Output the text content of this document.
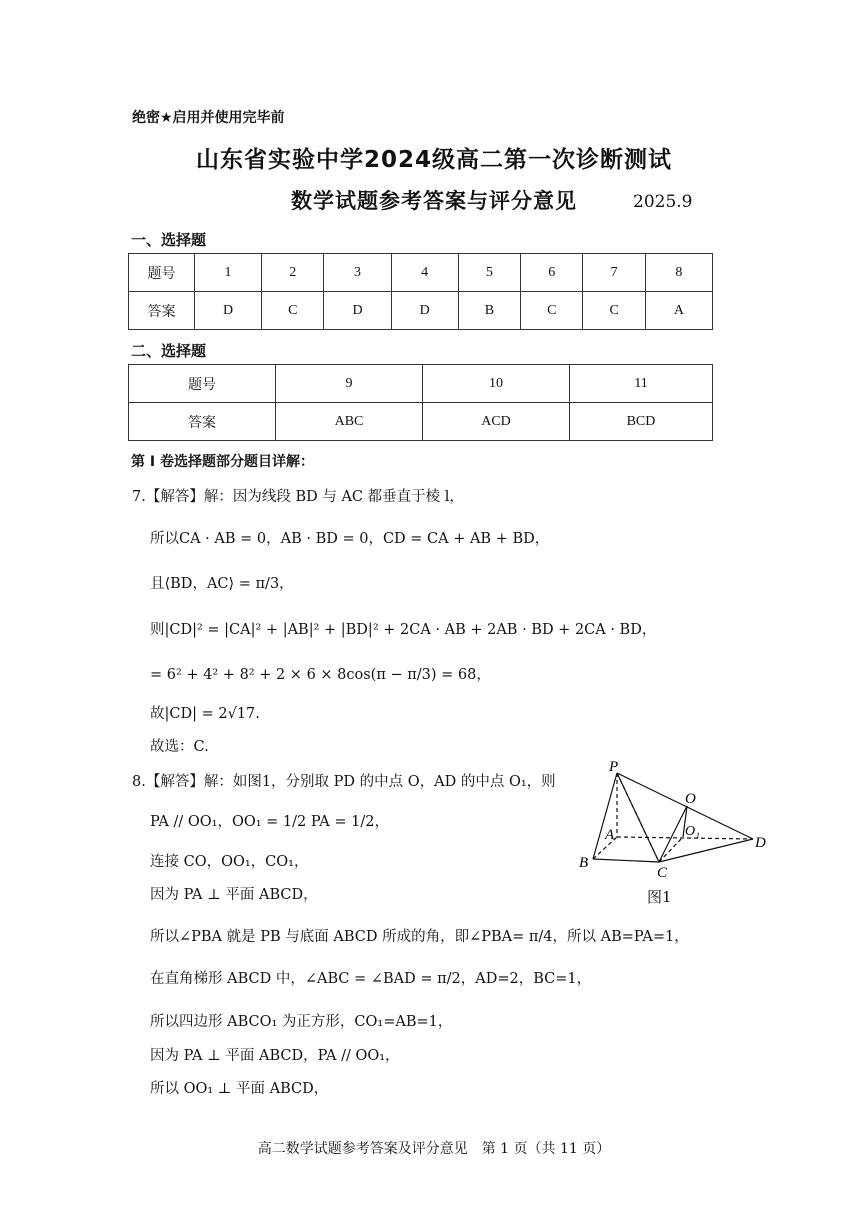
绝密★启用并使用完毕前
山东省实验中学2024级高二第一次诊断测试
数学试题参考答案与评分意见	2025.9
一、选择题
题号	1	2	3	4	5	6	7	8
答案	D	C	D	D	B	C	C	A
二、选择题
题号	9	10	11
答案	ABC	ACD	BCD
第 I 卷选择题部分题目详解：
7.【解答】解：因为线段 BD 与 AC 都垂直于棱 l，
所以CA · AB = 0，AB · BD = 0，CD = CA + AB + BD，
且⟨BD，AC⟩ = π/3，
则|CD|² = |CA|² + |AB|² + |BD|² + 2CA · AB + 2AB · BD + 2CA · BD，
= 6² + 4² + 8² + 2 × 6 × 8cos(π − π/3) = 68，
故|CD| = 2√17.
故选：C.
8.【解答】解：如图1，分别取 PD 的中点 O，AD 的中点 O₁，则
PA // OO₁，OO₁ = 1/2 PA = 1/2，
连接 CO，OO₁，CO₁，
因为 PA ⊥ 平面 ABCD，
所以∠PBA 就是 PB 与底面 ABCD 所成的角，即∠PBA= π/4，所以 AB=PA=1，
在直角梯形 ABCD 中，∠ABC = ∠BAD = π/2，AD=2，BC=1，
所以四边形 ABCO₁ 为正方形，CO₁=AB=1，
因为 PA ⊥ 平面 ABCD，PA // OO₁，
所以 OO₁ ⊥ 平面 ABCD，
P
O
A	O₁
D
B
C
图1
高二数学试题参考答案及评分意见　第 1 页（共 11 页）
